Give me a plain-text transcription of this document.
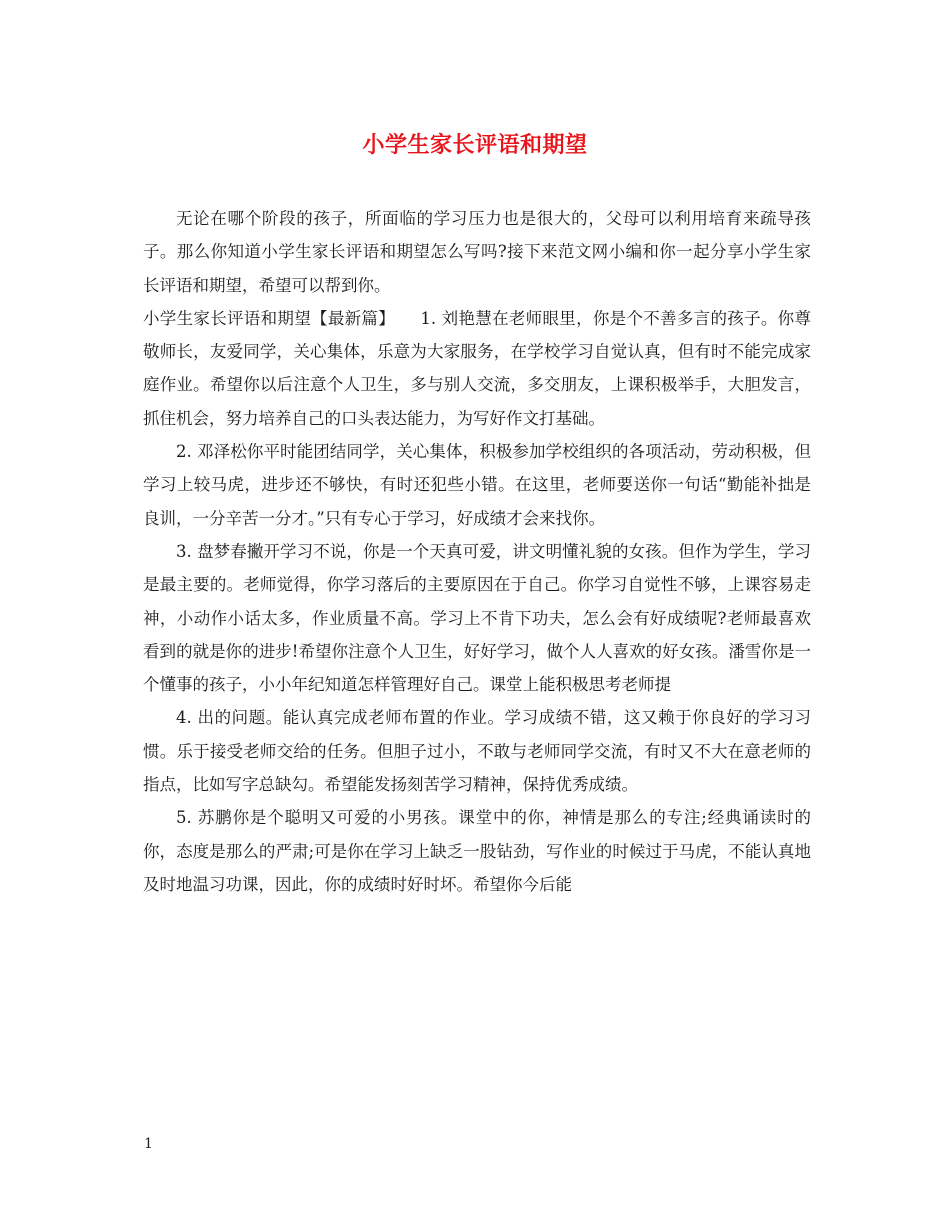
小学生家长评语和期望

无论在哪个阶段的孩子，所面临的学习压力也是很大的，父母可以利用培育来疏导孩子。那么你知道小学生家长评语和期望怎么写吗?接下来范文网小编和你一起分享小学生家长评语和期望，希望可以帮到你。

小学生家长评语和期望【最新篇】　　1. 刘艳慧在老师眼里，你是个不善多言的孩子。你尊敬师长，友爱同学，关心集体，乐意为大家服务，在学校学习自觉认真，但有时不能完成家庭作业。希望你以后注意个人卫生，多与别人交流，多交朋友，上课积极举手，大胆发言，抓住机会，努力培养自己的口头表达能力，为写好作文打基础。

2. 邓泽松你平时能团结同学，关心集体，积极参加学校组织的各项活动，劳动积极，但学习上较马虎，进步还不够快，有时还犯些小错。在这里，老师要送你一句话“勤能补拙是良训，一分辛苦一分才。”只有专心于学习，好成绩才会来找你。

3. 盘梦春撇开学习不说，你是一个天真可爱，讲文明懂礼貌的女孩。但作为学生，学习是最主要的。老师觉得，你学习落后的主要原因在于自己。你学习自觉性不够，上课容易走神，小动作小话太多，作业质量不高。学习上不肯下功夫，怎么会有好成绩呢?老师最喜欢看到的就是你的进步!希望你注意个人卫生，好好学习，做个人人喜欢的好女孩。潘雪你是一个懂事的孩子，小小年纪知道怎样管理好自己。课堂上能积极思考老师提

4. 出的问题。能认真完成老师布置的作业。学习成绩不错，这又赖于你良好的学习习惯。乐于接受老师交给的任务。但胆子过小，不敢与老师同学交流，有时又不大在意老师的指点，比如写字总缺勾。希望能发扬刻苦学习精神，保持优秀成绩。

5. 苏鹏你是个聪明又可爱的小男孩。课堂中的你，神情是那么的专注;经典诵读时的你，态度是那么的严肃;可是你在学习上缺乏一股钻劲，写作业的时候过于马虎，不能认真地及时地温习功课，因此，你的成绩时好时坏。希望你今后能

1
